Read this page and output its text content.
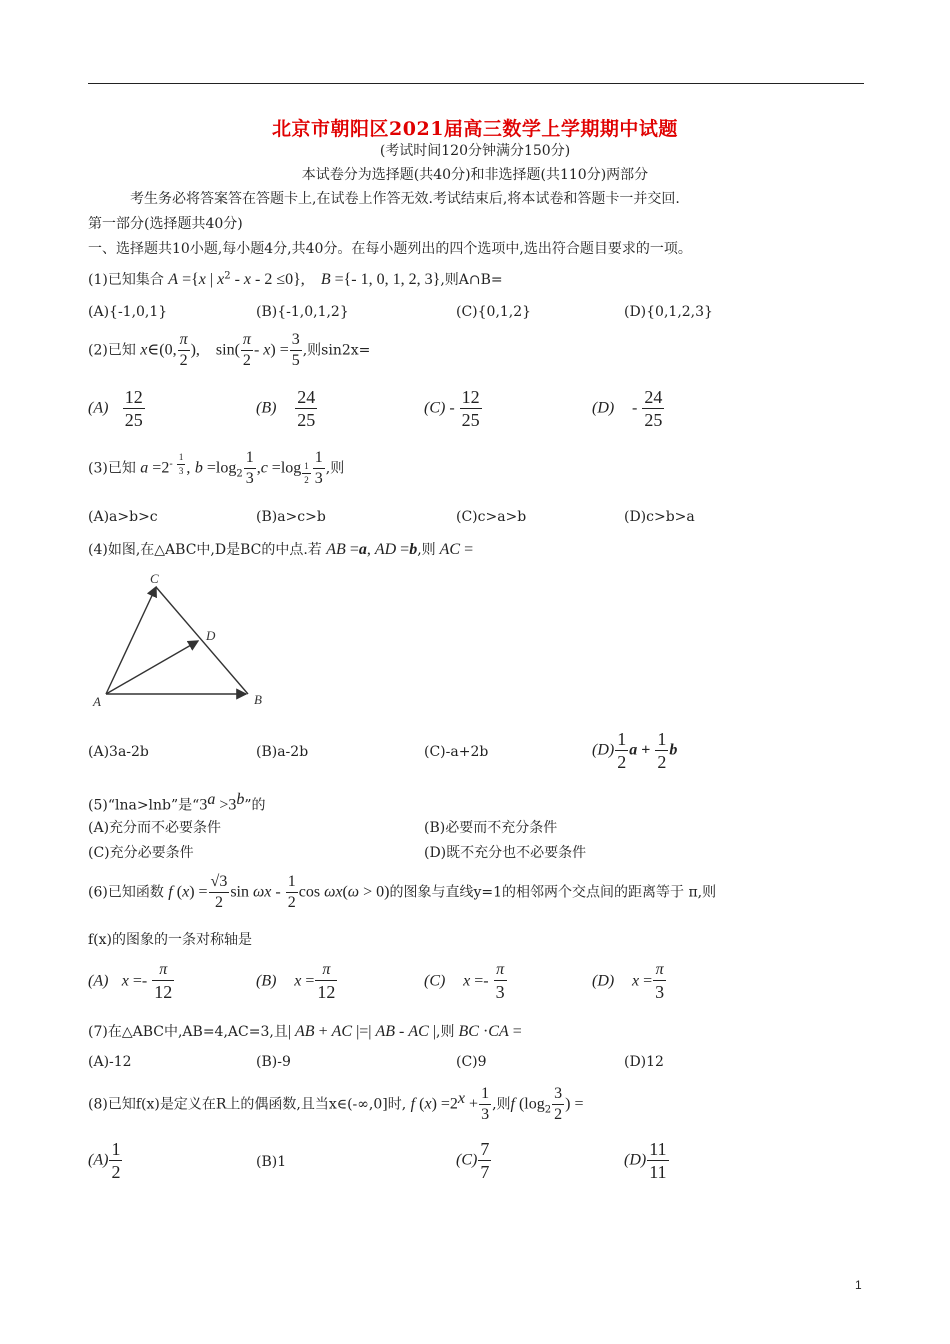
北京市朝阳区2021届高三数学上学期期中试题
(考试时间120分钟满分150分)
本试卷分为选择题(共40分)和非选择题(共110分)两部分
考生务必将答案答在答题卡上,在试卷上作答无效.考试结束后,将本试卷和答题卡一并交回.
第一部分(选择题共40分)
一、选择题共10小题,每小题4分,共40分。在每小题列出的四个选项中,选出符合题目要求的一项。
(1)已知集合 A ={x | $x^2 - x - 2 \le 0$},    B ={- 1, 0, 1, 2, 3},则A∩B=
(A){-1,0,1}	(B){-1,0,1,2}	(C){0,1,2}	(D){0,1,2,3}
(2)已知 x∈(0, $\frac{\pi}{2}$ ),    $\sin( \frac{\pi}{2} - x) = \frac{3}{5}$ ,则sin2x=
$(A) \frac{12}{25}$	$(B) \frac{24}{25}$	$(C) - \frac{12}{25}$	$(D) - \frac{24}{25}$
(3)已知 $a =2^{- \frac{1}{3}}$ , $b =\log_2 \frac{1}{3} ,c =\log$ $_{\frac{1}{2}} \frac{1}{3}$ ,则
(A)a>b>c	(B)a>c>b	(C)c>a>b	(D)c>b>a
(4)如图,在△ABC中,D是BC的中点.若 AB =a, AD =b,则 AC =
C
D
A	B
(A)3a-2b	(B)a-2b	(C)-a+2b	$(D) \frac{1}{2}$ $a + \frac{1}{2}$ b
(5)“lna>lnb”是“$3^a >3^b$”的
(A)充分而不必要条件	(B)必要而不充分条件
(C)充分必要条件	(D)既不充分也不必要条件
(6)已知函数 f $(x) = \frac{√3}{2}$ sin ωx - $\frac{1}{2}$ cos ωx(ω > 0)的图象与直线y=1的相邻两个交点间的距离等于 π,则
f(x)的图象的一条对称轴是
(A) $x =- \frac{\pi}{12}$	(B) $x = \frac{\pi}{12}$	(C) $x =- \frac{\pi}{3}$	(D) $x = \frac{\pi}{3}$
(7)在△ABC中,AB=4,AC=3,且| AB + AC |=| AB - AC |,则 BC ·CA =
(A)-12	(B)-9	(C)9	(D)12
(8)已知f(x)是定义在R上的偶函数,且当x∈(-∞,0]时, f $(x) =2^x + \frac{1}{3}$ ,则f ($\log_2 \frac{3}{2}$ ) =
$(A) \frac{1}{2}$	(B)1	$(C) \frac{7}{7}$	$(D) \frac{11}{11}$
1
